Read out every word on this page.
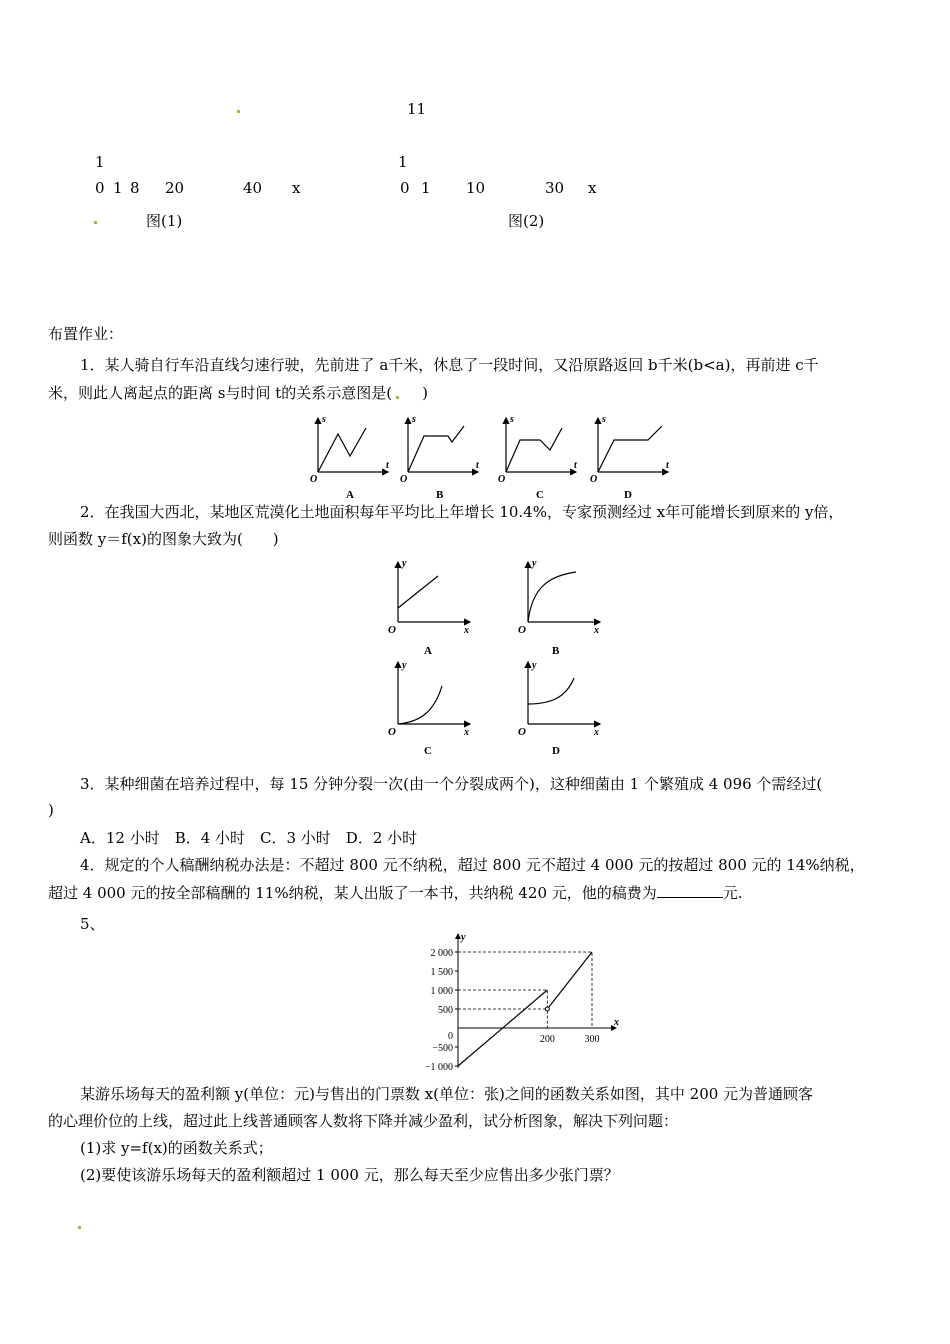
11
1
0 1 8 20	40 x
图(1)
1
0 1 10	30 x
图(2)
布置作业：
1．某人骑自行车沿直线匀速行驶，先前进了 a千米，休息了一段时间，又沿原路返回 b千米(b<a)，再前进 c千
米，则此人离起点的距离 s与时间 t的关系示意图是(　　)
s
t
O
A
s
t
O
B
s
t
O
C
s
t
O
D
2．在我国大西北，某地区荒漠化土地面积每年平均比上年增长 10.4%，专家预测经过 x年可能增长到原来的 y倍，
则函数 y＝f(x)的图象大致为(　　)
y
x
O
A
y
x
O
B
y
x
O
C
y
x
O
D
3．某种细菌在培养过程中，每 15 分钟分裂一次(由一个分裂成两个)，这种细菌由 1 个繁殖成 4 096 个需经过(
)
A．12 小时　B．4 小时　C．3 小时　D．2 小时
4．规定的个人稿酬纳税办法是：不超过 800 元不纳税，超过 800 元不超过 4 000 元的按超过 800 元的 14%纳税，
超过 4 000 元的按全部稿酬的 11%纳税，某人出版了一本书，共纳税 420 元，他的稿费为	元.
5、
2 000
1 500
1 000
500
−500
−1 000
200	300
0
y
x
某游乐场每天的盈利额 y(单位：元)与售出的门票数 x(单位：张)之间的函数关系如图，其中 200 元为普通顾客
的心理价位的上线，超过此上线普通顾客人数将下降并减少盈利，试分析图象，解决下列问题：
(1)求 y=f(x)的函数关系式；
(2)要使该游乐场每天的盈利额超过 1 000 元，那么每天至少应售出多少张门票？
